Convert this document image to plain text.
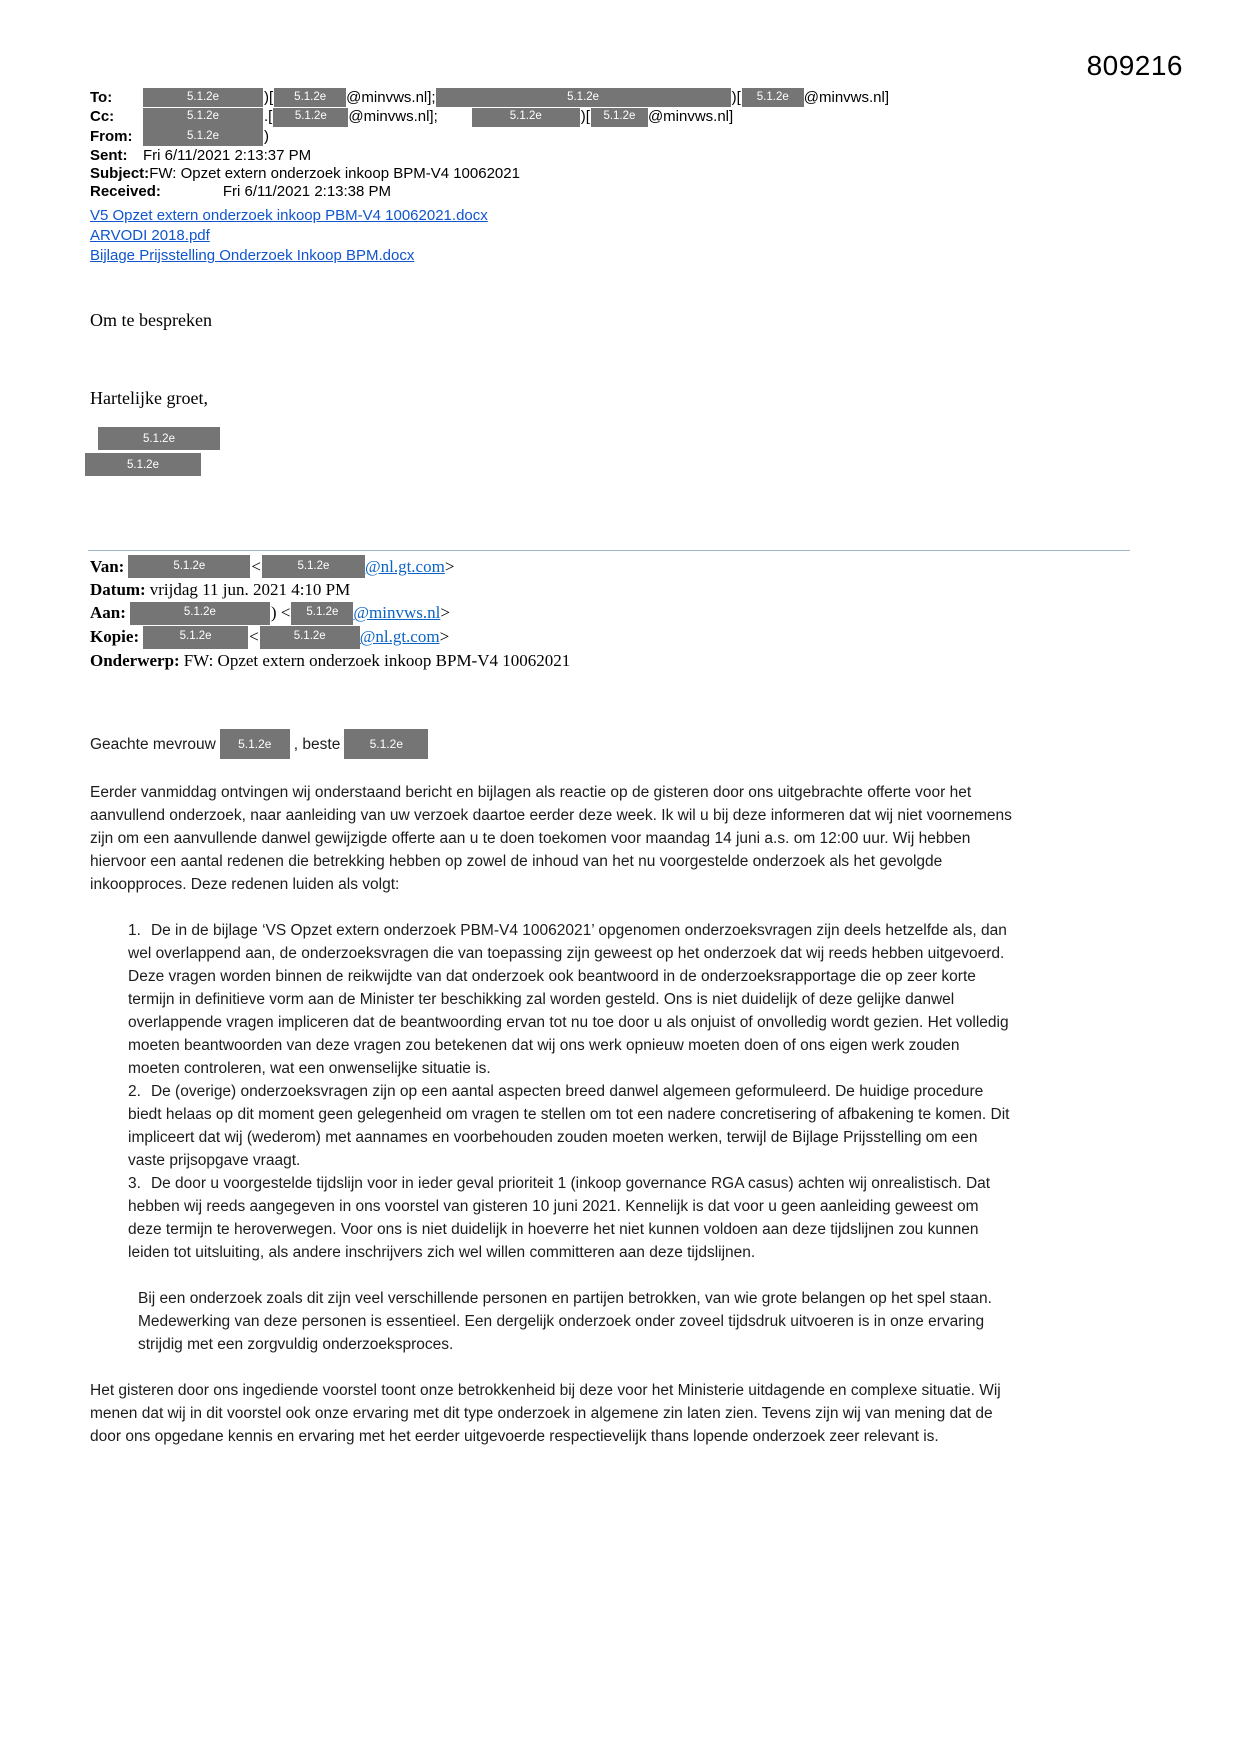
809216
To:	5.1.2e	)[	5.1.2e	@minvws.nl];	5.1.2e	)[	5.1.2e	@minvws.nl]
Cc:	5.1.2e	.[	5.1.2e	@minvws.nl];	5.1.2e	)[	5.1.2e @minvws.nl]
From:	5.1.2e	)
Sent:	Fri 6/11/2021 2:13:37 PM
Subject: FW: Opzet extern onderzoek inkoop BPM-V4 10062021
Received:	Fri 6/11/2021 2:13:38 PM
V5 Opzet extern onderzoek inkoop PBM-V4 10062021.docx
ARVODI 2018.pdf
Bijlage Prijsstelling Onderzoek Inkoop BPM.docx
Om te bespreken
Hartelijke groet,
5.1.2e
5.1.2e
Van:	5.1.2e	<	5.1.2e	@nl.gt.com >
Datum: vrijdag 11 jun. 2021 4:10 PM
Aan:	5.1.2e	) <	5.1.2e @minvws.nl >
Kopie:	5.1.2e	<	5.1.2e	@nl.gt.com >
Onderwerp: FW: Opzet extern onderzoek inkoop BPM-V4 10062021
Geachte mevrouw	5.1.2e	, beste	5.1.2e
Eerder vanmiddag ontvingen wij onderstaand bericht en bijlagen als reactie op de gisteren door ons uitgebrachte offerte voor het aanvullend onderzoek, naar aanleiding van uw verzoek daartoe eerder deze week. Ik wil u bij deze informeren dat wij niet voornemens zijn om een aanvullende danwel gewijzigde offerte aan u te doen toekomen voor maandag 14 juni a.s. om 12:00 uur. Wij hebben hiervoor een aantal redenen die betrekking hebben op zowel de inhoud van het nu voorgestelde onderzoek als het gevolgde inkoopproces. Deze redenen luiden als volgt:
1. De in de bijlage ‘VS Opzet extern onderzoek PBM-V4 10062021’ opgenomen onderzoeksvragen zijn deels hetzelfde als, dan wel overlappend aan, de onderzoeksvragen die van toepassing zijn geweest op het onderzoek dat wij reeds hebben uitgevoerd. Deze vragen worden binnen de reikwijdte van dat onderzoek ook beantwoord in de onderzoeksrapportage die op zeer korte termijn in definitieve vorm aan de Minister ter beschikking zal worden gesteld. Ons is niet duidelijk of deze gelijke danwel overlappende vragen impliceren dat de beantwoording ervan tot nu toe door u als onjuist of onvolledig wordt gezien. Het volledig moeten beantwoorden van deze vragen zou betekenen dat wij ons werk opnieuw moeten doen of ons eigen werk zouden moeten controleren, wat een onwenselijke situatie is.
2. De (overige) onderzoeksvragen zijn op een aantal aspecten breed danwel algemeen geformuleerd. De huidige procedure biedt helaas op dit moment geen gelegenheid om vragen te stellen om tot een nadere concretisering of afbakening te komen. Dit impliceert dat wij (wederom) met aannames en voorbehouden zouden moeten werken, terwijl de Bijlage Prijsstelling om een vaste prijsopgave vraagt.
3. De door u voorgestelde tijdslijn voor in ieder geval prioriteit 1 (inkoop governance RGA casus) achten wij onrealistisch. Dat hebben wij reeds aangegeven in ons voorstel van gisteren 10 juni 2021. Kennelijk is dat voor u geen aanleiding geweest om deze termijn te heroverwegen. Voor ons is niet duidelijk in hoeverre het niet kunnen voldoen aan deze tijdslijnen zou kunnen leiden tot uitsluiting, als andere inschrijvers zich wel willen committeren aan deze tijdslijnen.
Bij een onderzoek zoals dit zijn veel verschillende personen en partijen betrokken, van wie grote belangen op het spel staan. Medewerking van deze personen is essentieel. Een dergelijk onderzoek onder zoveel tijdsdruk uitvoeren is in onze ervaring strijdig met een zorgvuldig onderzoeksproces.
Het gisteren door ons ingediende voorstel toont onze betrokkenheid bij deze voor het Ministerie uitdagende en complexe situatie. Wij menen dat wij in dit voorstel ook onze ervaring met dit type onderzoek in algemene zin laten zien. Tevens zijn wij van mening dat de door ons opgedane kennis en ervaring met het eerder uitgevoerde respectievelijk thans lopende onderzoek zeer relevant is.
